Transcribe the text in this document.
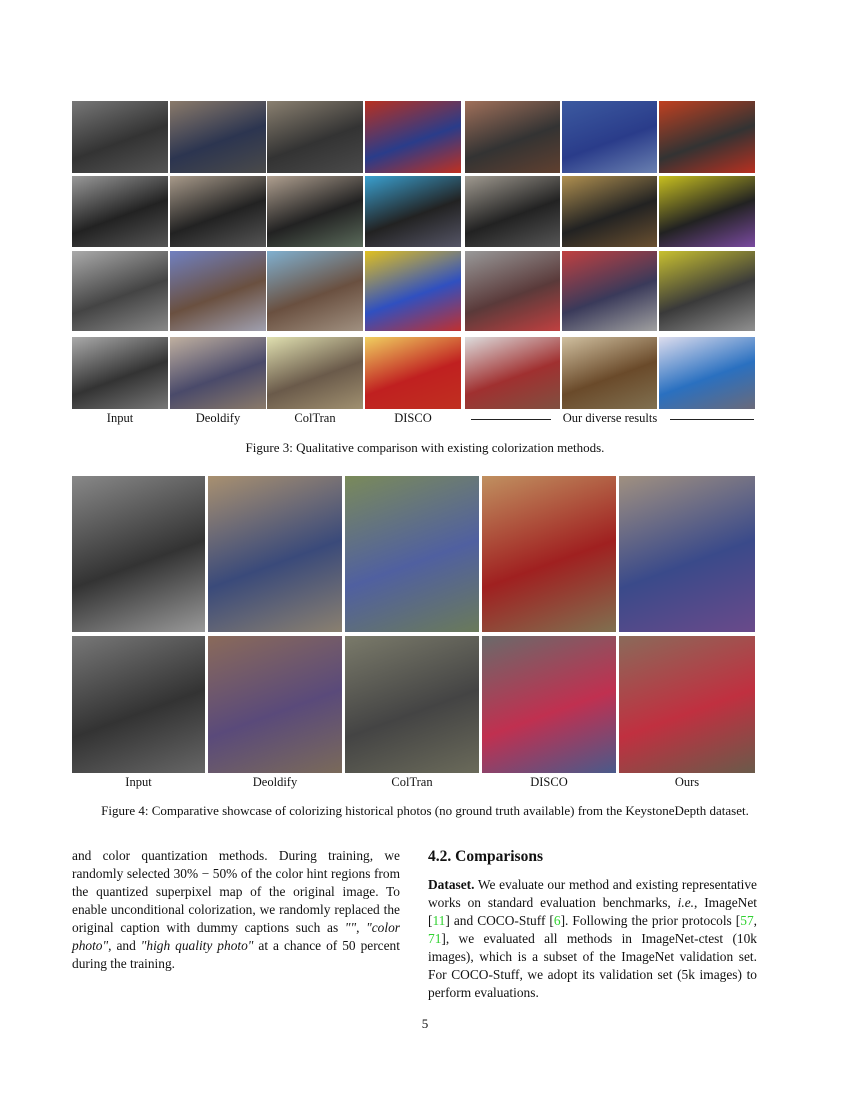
Input	Deoldify	ColTran	DISCO	Our diverse results
Figure 3: Qualitative comparison with existing colorization methods.
Input	Deoldify	ColTran	DISCO	Ours
Figure 4: Comparative showcase of colorizing historical photos (no ground truth available) from the KeystoneDepth dataset.

and color quantization methods. During training, we randomly selected 30% − 50% of the color hint regions from the quantized superpixel map of the original image. To enable unconditional colorization, we randomly replaced the original caption with dummy captions such as "", "color photo", and "high quality photo" at a chance of 50 percent during the training.

4.2. Comparisons

Dataset. We evaluate our method and existing representative works on standard evaluation benchmarks, i.e., ImageNet [11] and COCO-Stuff [6]. Following the prior protocols [57, 71], we evaluated all methods in ImageNet-ctest (10k images), which is a subset of the ImageNet validation set. For COCO-Stuff, we adopt its validation set (5k images) to perform evaluations.

5
